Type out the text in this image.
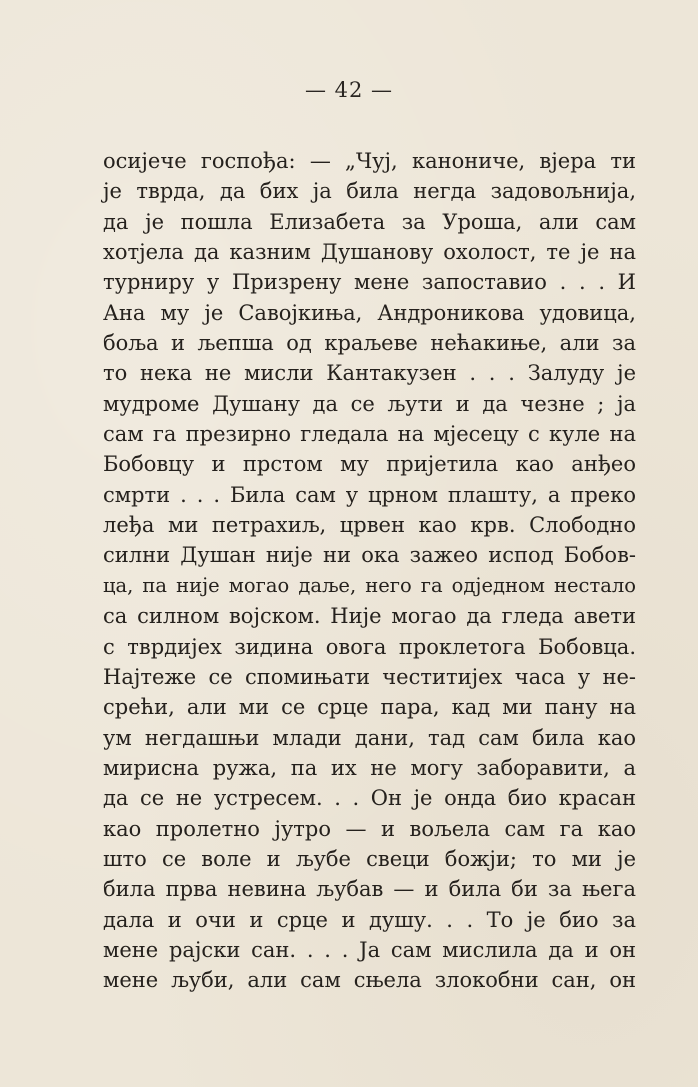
— 42 —
осијече госпођа: — „Чуј, канониче, вјера ти
је тврда, да бих ја била негда задовољнија,
да је пошла Елизабета за Уроша, али сам
хотјела да казним Душанову охолост, те је на
турниру у Призрену мене запоставио . . . И
Ана му је Савојкиња, Андроникова удовица,
боља и љепша од краљеве нећакиње, али за
то нека не мисли Кантакузен . . . Залуду је
мудроме Душану да се љути и да чезне ; ја
сам га презирно гледала на мјесецу с куле на
Бобовцу и прстом му пријетила као анђео
смрти . . . Била сам у црном плашту, а преко
леђа ми петрахиљ, црвен као крв. Слободно
силни Душан није ни ока зажео испод Бобов-
ца, па није могао даље, него га одједном нестало
са силном војском. Није могао да гледа авети
с тврдијех зидина овога проклетога Бобовца.
Најтеже се спомињати честитијех часа у не-
срећи, али ми се срце пара, кад ми пану на
ум негдашњи млади дани, тад сам била као
мирисна ружа, па их не могу заборавити, а
да се не устресем. . . Он је онда био красан
као пролетно јутро — и вољела сам га као
што се воле и љубе свеци божји; то ми је
била прва невина љубав — и била би за њега
дала и очи и срце и душу. . . То је био за
мене рајски сан. . . . Ја сам мислила да и он
мене љуби, али сам сњела злокобни сан, он
